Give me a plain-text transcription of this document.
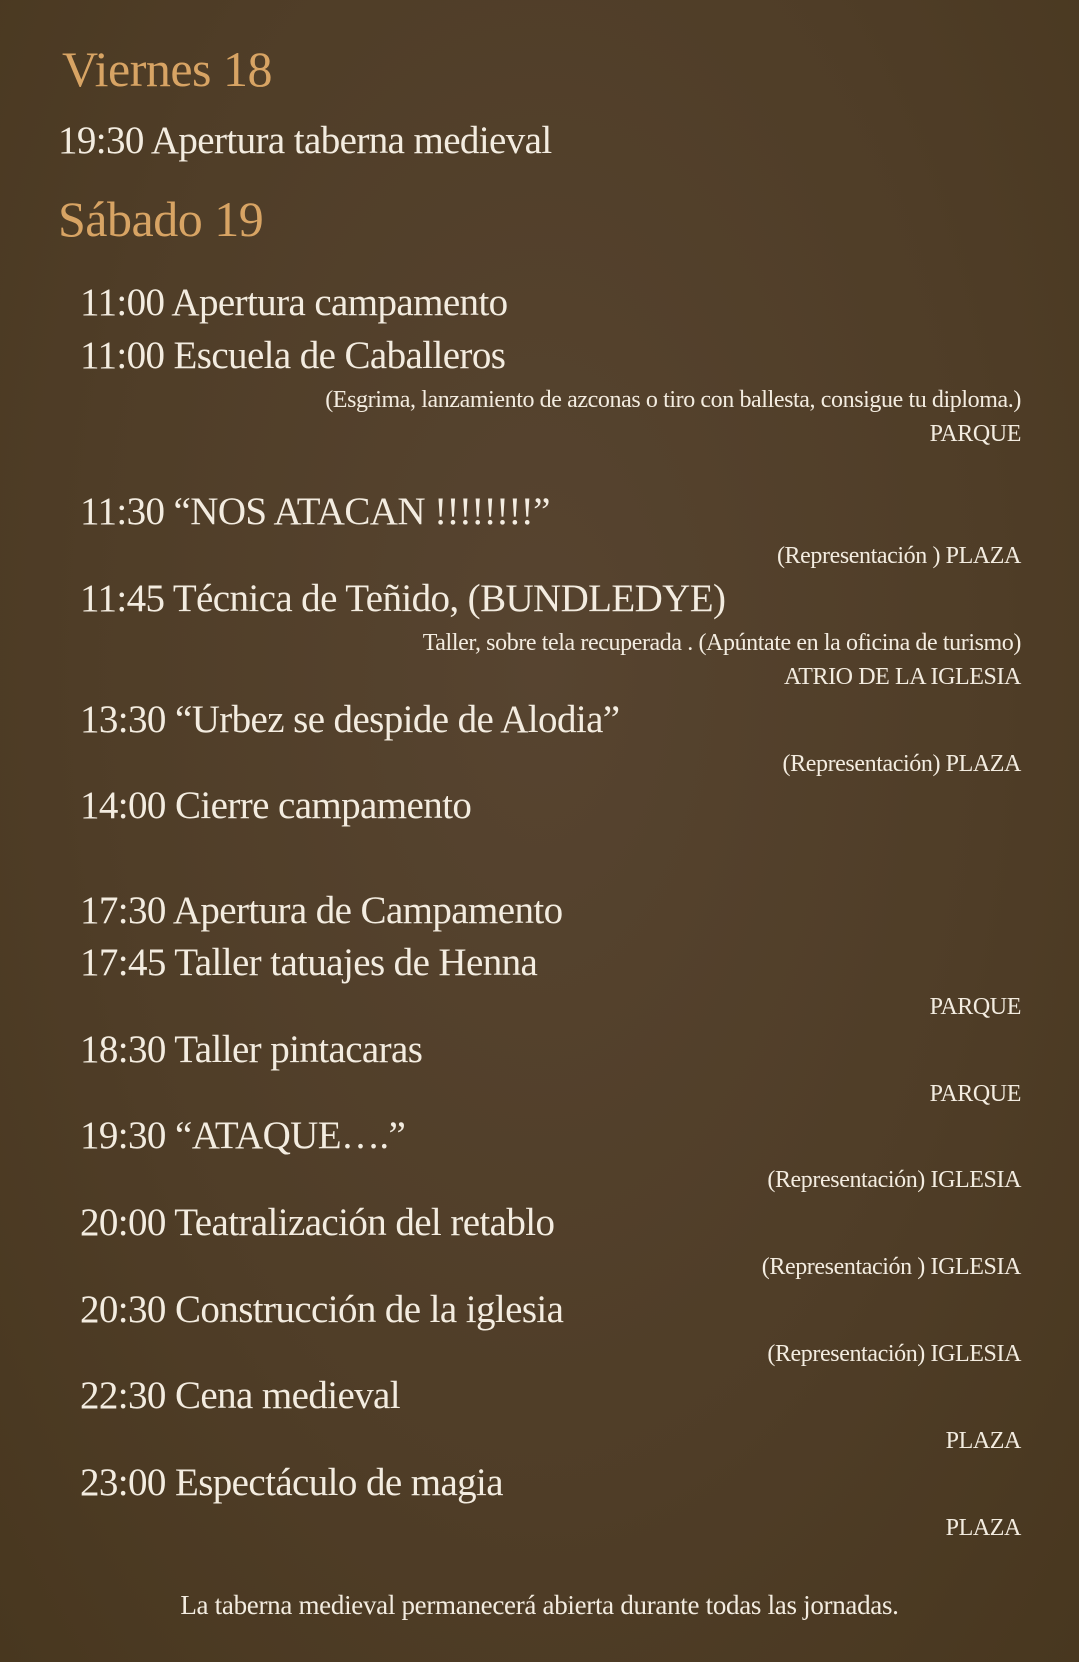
Viernes 18
19:30 Apertura taberna medieval
Sábado 19
11:00 Apertura campamento
11:00 Escuela de Caballeros
(Esgrima, lanzamiento de azconas o tiro con ballesta, consigue tu diploma.)
PARQUE
11:30 “NOS ATACAN !!!!!!!!”
(Representación ) PLAZA
11:45 Técnica de Teñido, (BUNDLEDYE)
Taller, sobre tela recuperada . (Apúntate en la oficina de turismo)
ATRIO DE LA IGLESIA
13:30 “Urbez se despide de Alodia”
(Representación) PLAZA
14:00 Cierre campamento
17:30 Apertura de Campamento
17:45 Taller tatuajes de Henna
PARQUE
18:30 Taller pintacaras
PARQUE
19:30 “ATAQUE….”
(Representación) IGLESIA
20:00 Teatralización del retablo
(Representación ) IGLESIA
20:30 Construcción de la iglesia
(Representación) IGLESIA
22:30 Cena medieval
PLAZA
23:00 Espectáculo de magia
PLAZA
La taberna medieval permanecerá abierta durante todas las jornadas.
